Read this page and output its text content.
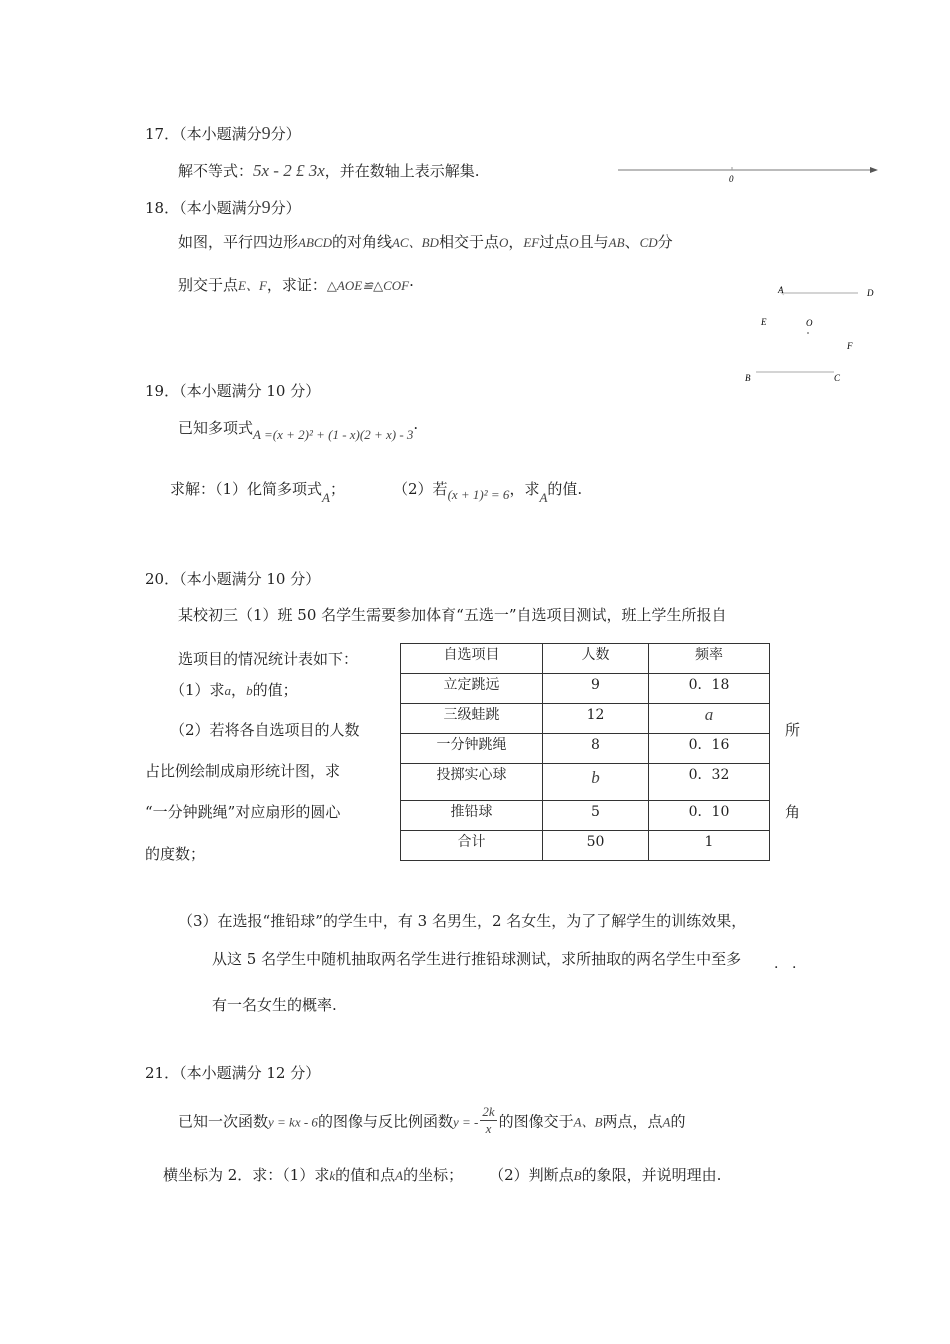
17．（本小题满分9分）
解不等式：5x - 2 £ 3x，并在数轴上表示解集.	0
18．（本小题满分9分）
如图，平行四边形ABCD的对角线AC、BD相交于点O，EF过点O且与AB、CD分
别交于点E、F，求证：△AOE≌△COF·	A	D
E	O
F
B	C
19．（本小题满分 10 分）
已知多项式A =(x + 2)² + (1 - x)(2 + x) - 3·
求解：（1）化简多项式A；	（2）若(x + 1)² = 6，求A的值.
20．（本小题满分 10 分）
某校初三（1）班 50 名学生需要参加体育“五选一”自选项目测试，班上学生所报自
选项目的情况统计表如下：
（1）求a，b的值；
（2）若将各自选项目的人数
占比例绘制成扇形统计图，求
“一分钟跳绳”对应扇形的圆心
的度数；
所
角
自选项目	人数	频率
立定跳远	9	0．18
三级蛙跳	12	a
一分钟跳绳	8	0．16
投掷实心球	b	0．32
推铅球	5	0．10
合计	50	1
（3）在选报“推铅球”的学生中，有 3 名男生，2 名女生，为了了解学生的训练效果，
从这 5 名学生中随机抽取两名学生进行推铅球测试，求所抽取的两名学生中至多 · ·
有一名女生的概率.
21．（本小题满分 12 分）
已知一次函数y = kx - 6的图像与反比例函数y = - $\frac{2k}{x}$ 的图像交于A、B两点，点A的
横坐标为 2．求：（1）求k的值和点A的坐标； （2）判断点B的象限，并说明理由.
